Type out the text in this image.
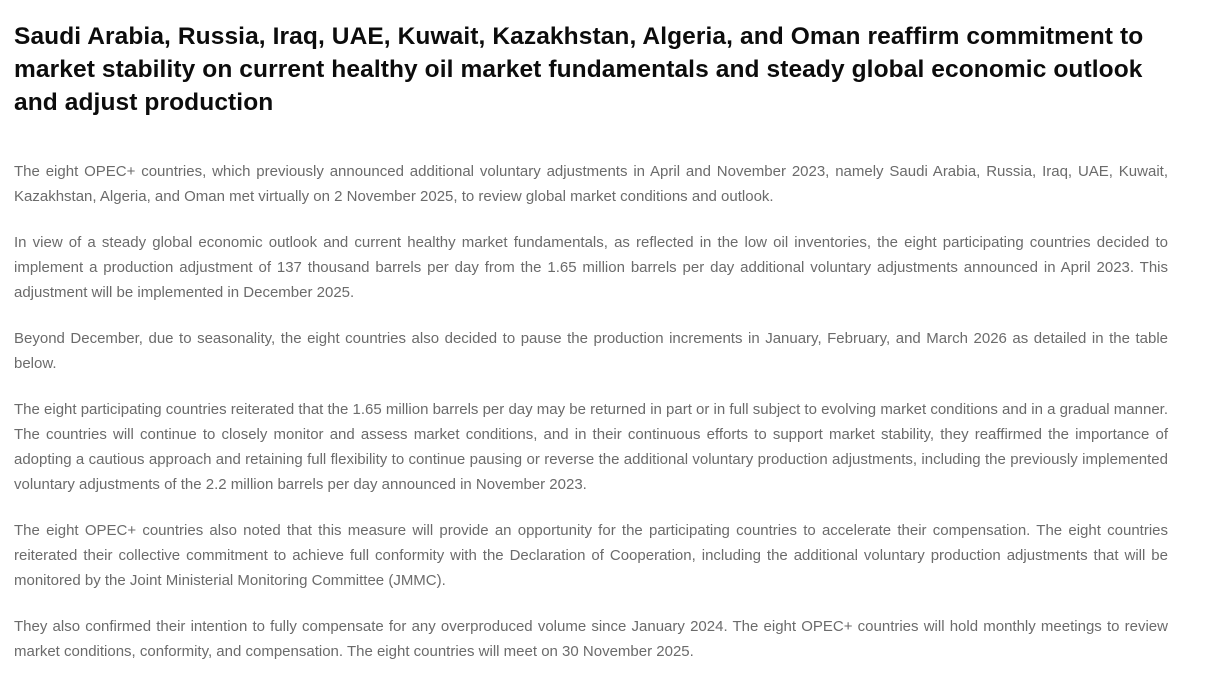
Saudi Arabia, Russia, Iraq, UAE, Kuwait, Kazakhstan, Algeria, and Oman reaffirm commitment to market stability on current healthy oil market fundamentals and steady global economic outlook and adjust production

The eight OPEC+ countries, which previously announced additional voluntary adjustments in April and November 2023, namely Saudi Arabia, Russia, Iraq, UAE, Kuwait, Kazakhstan, Algeria, and Oman met virtually on 2 November 2025, to review global market conditions and outlook.

In view of a steady global economic outlook and current healthy market fundamentals, as reflected in the low oil inventories, the eight participating countries decided to implement a production adjustment of 137 thousand barrels per day from the 1.65 million barrels per day additional voluntary adjustments announced in April 2023. This adjustment will be implemented in December 2025.

Beyond December, due to seasonality, the eight countries also decided to pause the production increments in January, February, and March 2026 as detailed in the table below.

The eight participating countries reiterated that the 1.65 million barrels per day may be returned in part or in full subject to evolving market conditions and in a gradual manner. The countries will continue to closely monitor and assess market conditions, and in their continuous efforts to support market stability, they reaffirmed the importance of adopting a cautious approach and retaining full flexibility to continue pausing or reverse the additional voluntary production adjustments, including the previously implemented voluntary adjustments of the 2.2 million barrels per day announced in November 2023.

The eight OPEC+ countries also noted that this measure will provide an opportunity for the participating countries to accelerate their compensation. The eight countries reiterated their collective commitment to achieve full conformity with the Declaration of Cooperation, including the additional voluntary production adjustments that will be monitored by the Joint Ministerial Monitoring Committee (JMMC).

They also confirmed their intention to fully compensate for any overproduced volume since January 2024. The eight OPEC+ countries will hold monthly meetings to review market conditions, conformity, and compensation. The eight countries will meet on 30 November 2025.
